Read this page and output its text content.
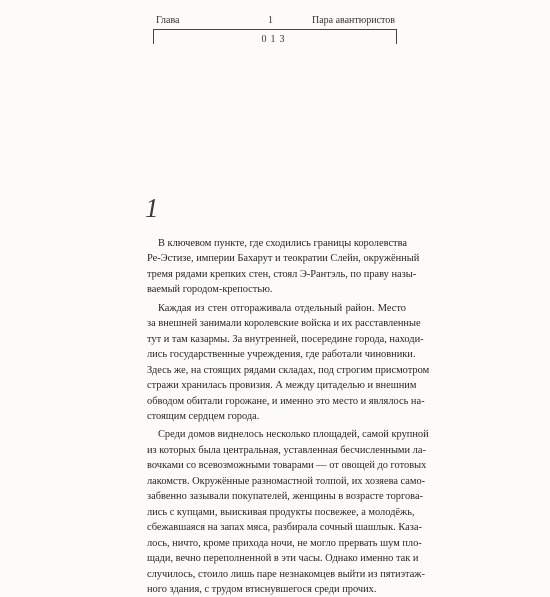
Глава	1	Пара авантюристов
013
1
В ключевом пункте, где сходились границы королевства
Ре-Эстизе, империи Бахарут и теократии Слейн, окружённый
тремя рядами крепких стен, стоял Э-Рантэль, по праву назы-
ваемый городом-крепостью.
Каждая из стен отгораживала отдельный район. Место
за внешней занимали королевские войска и их расставленные
тут и там казармы. За внутренней, посередине города, находи-
лись государственные учреждения, где работали чиновники.
Здесь же, на стоящих рядами складах, под строгим присмотром
стражи хранилась провизия. А между цитаделью и внешним
обводом обитали горожане, и именно это место и являлось на-
стоящим сердцем города.
Среди домов виднелось несколько площадей, самой крупной
из которых была центральная, уставленная бесчисленными ла-
вочками со всевозможными товарами — от овощей до готовых
лакомств. Окружённые разномастной толпой, их хозяева само-
забвенно зазывали покупателей, женщины в возрасте торгова-
лись с купцами, выискивая продукты посвежее, а молодёжь,
сбежавшаяся на запах мяса, разбирала сочный шашлык. Каза-
лось, ничто, кроме прихода ночи, не могло прервать шум пло-
щади, вечно переполненной в эти часы. Однако именно так и
случилось, стоило лишь паре незнакомцев выйти из пятиэтаж-
ного здания, с трудом втиснувшегося среди прочих.
